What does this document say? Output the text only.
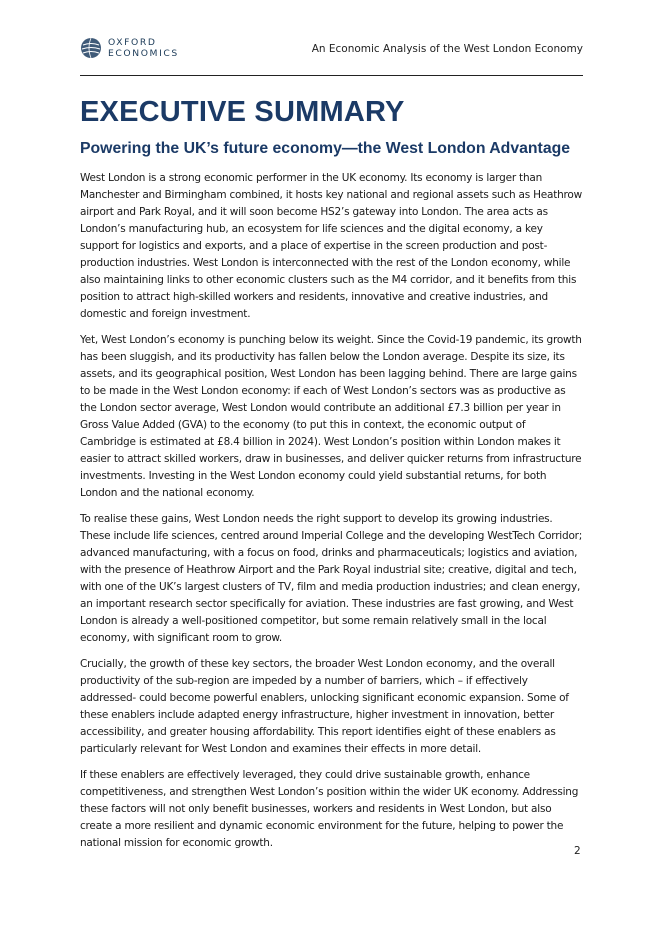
OXFORD
ECONOMICS	An Economic Analysis of the West London Economy
EXECUTIVE SUMMARY
Powering the UK’s future economy—the West London Advantage

West London is a strong economic performer in the UK economy. Its economy is larger than Manchester and Birmingham combined, it hosts key national and regional assets such as Heathrow airport and Park Royal, and it will soon become HS2’s gateway into London. The area acts as London’s manufacturing hub, an ecosystem for life sciences and the digital economy, a key support for logistics and exports, and a place of expertise in the screen production and post-production industries. West London is interconnected with the rest of the London economy, while also maintaining links to other economic clusters such as the M4 corridor, and it benefits from this position to attract high-skilled workers and residents, innovative and creative industries, and domestic and foreign investment.

Yet, West London’s economy is punching below its weight. Since the Covid-19 pandemic, its growth has been sluggish, and its productivity has fallen below the London average. Despite its size, its assets, and its geographical position, West London has been lagging behind. There are large gains to be made in the West London economy: if each of West London’s sectors was as productive as the London sector average, West London would contribute an additional £7.3 billion per year in Gross Value Added (GVA) to the economy (to put this in context, the economic output of Cambridge is estimated at £8.4 billion in 2024). West London’s position within London makes it easier to attract skilled workers, draw in businesses, and deliver quicker returns from infrastructure investments. Investing in the West London economy could yield substantial returns, for both London and the national economy.

To realise these gains, West London needs the right support to develop its growing industries. These include life sciences, centred around Imperial College and the developing WestTech Corridor; advanced manufacturing, with a focus on food, drinks and pharmaceuticals; logistics and aviation, with the presence of Heathrow Airport and the Park Royal industrial site; creative, digital and tech, with one of the UK’s largest clusters of TV, film and media production industries; and clean energy, an important research sector specifically for aviation. These industries are fast growing, and West London is already a well-positioned competitor, but some remain relatively small in the local economy, with significant room to grow.

Crucially, the growth of these key sectors, the broader West London economy, and the overall productivity of the sub-region are impeded by a number of barriers, which – if effectively addressed- could become powerful enablers, unlocking significant economic expansion. Some of these enablers include adapted energy infrastructure, higher investment in innovation, better accessibility, and greater housing affordability. This report identifies eight of these enablers as particularly relevant for West London and examines their effects in more detail.

If these enablers are effectively leveraged, they could drive sustainable growth, enhance competitiveness, and strengthen West London’s position within the wider UK economy. Addressing these factors will not only benefit businesses, workers and residents in West London, but also create a more resilient and dynamic economic environment for the future, helping to power the national mission for economic growth.

2
